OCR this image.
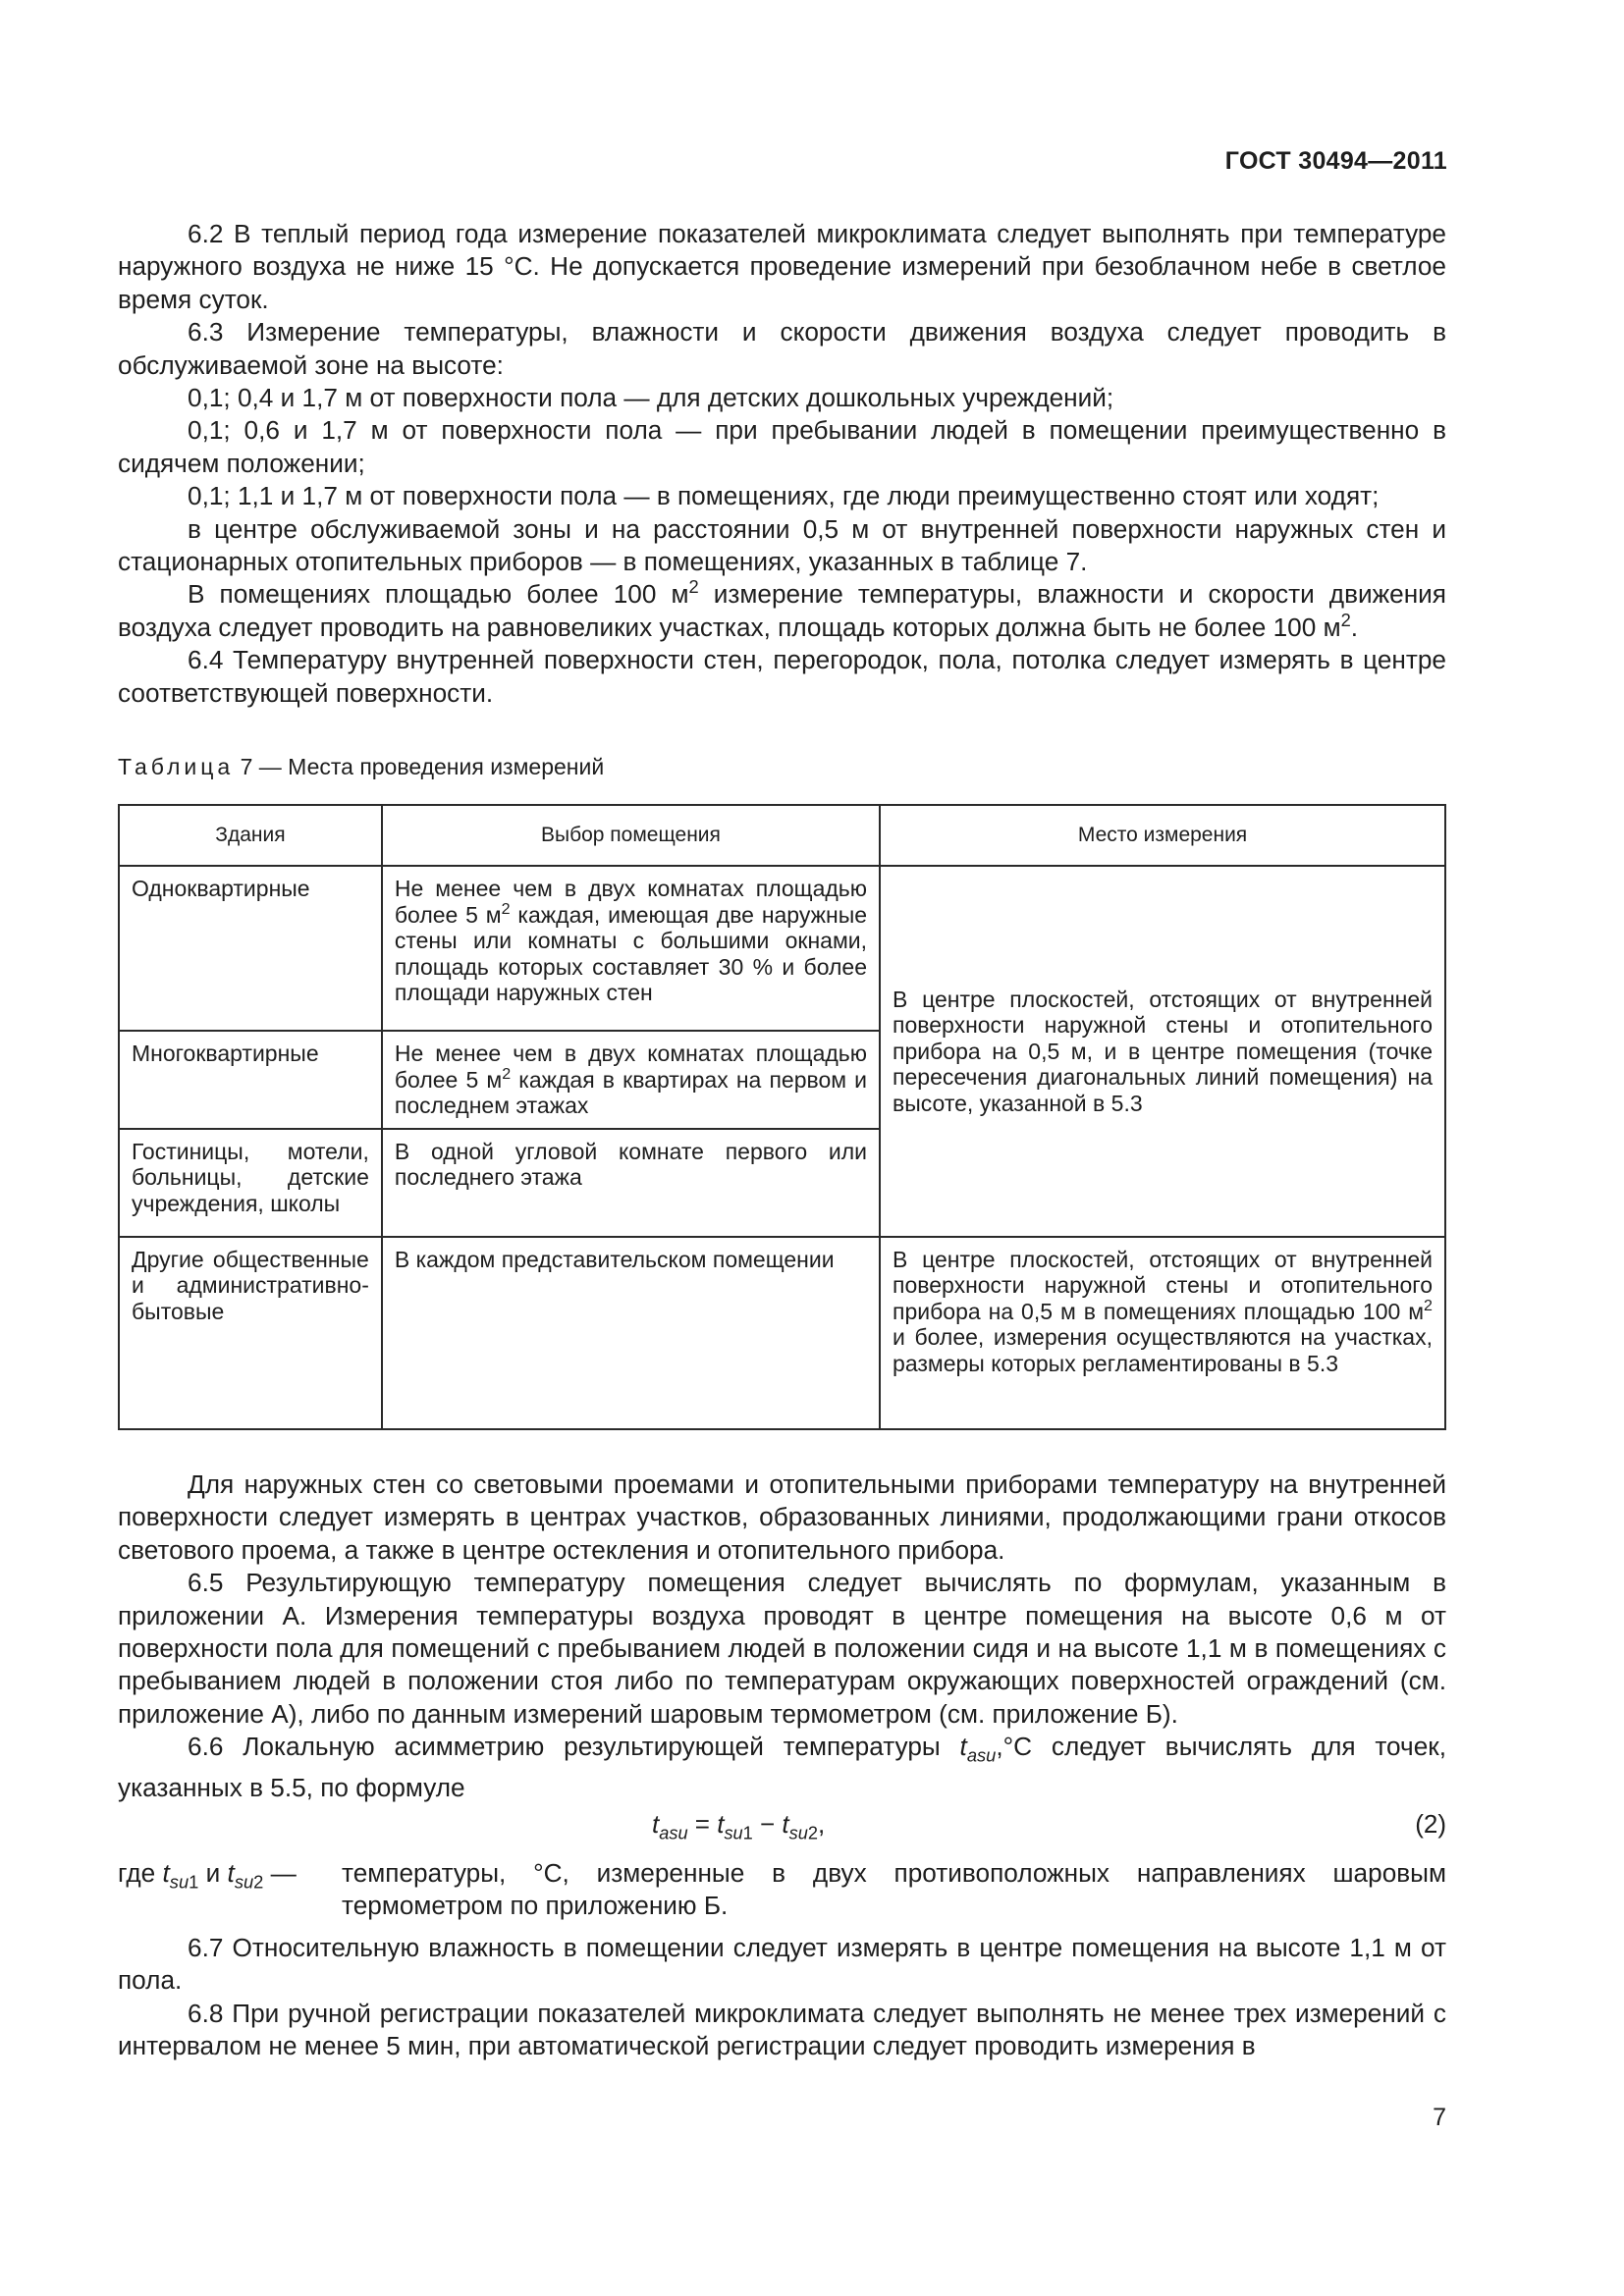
ГОСТ 30494—2011

6.2 В теплый период года измерение показателей микроклимата следует выполнять при температуре наружного воздуха не ниже 15 °С. Не допускается проведение измерений при безоблачном небе в светлое время суток.

6.3 Измерение температуры, влажности и скорости движения воздуха следует проводить в обслуживаемой зоне на высоте:

0,1; 0,4 и 1,7 м от поверхности пола — для детских дошкольных учреждений;

0,1; 0,6 и 1,7 м от поверхности пола — при пребывании людей в помещении преимущественно в сидячем положении;

0,1; 1,1 и 1,7 м от поверхности пола — в помещениях, где люди преимущественно стоят или ходят;

в центре обслуживаемой зоны и на расстоянии 0,5 м от внутренней поверхности наружных стен и стационарных отопительных приборов — в помещениях, указанных в таблице 7.

В помещениях площадью более 100 $м^2$ измерение температуры, влажности и скорости движения воздуха следует проводить на равновеликих участках, площадь которых должна быть не более 100 $м^2$.

6.4 Температуру внутренней поверхности стен, перегородок, пола, потолка следует измерять в центре соответствующей поверхности.

Таблица 7 — Места проведения измерений
Здания	Выбор помещения	Место измерения
Одноквартирные	Не менее чем в двух комнатах площадью более 5 $м^2$ каждая, имеющая две наружные стены или комнаты с большими окнами, площадь которых составляет 30 % и более площади наружных стен	В центре плоскостей, отстоящих от внутренней поверхности наружной стены и отопительного прибора на 0,5 м, и в центре помещения (точке пересечения диагональных линий помещения) на высоте, указанной в 5.3
Многоквартирные	Не менее чем в двух комнатах площадью более 5 $м^2$ каждая в квартирах на первом и последнем этажах	
Гостиницы, мотели, больницы, детские учреждения, школы	В одной угловой комнате первого или последнего этажа	
Другие общественные и административно-бытовые	В каждом представительском помещении	В центре плоскостей, отстоящих от внутренней поверхности наружной стены и отопительного прибора на 0,5 м в помещениях площадью 100 $м^2$ и более, измерения осуществляются на участках, размеры которых регламентированы в 5.3

Для наружных стен со световыми проемами и отопительными приборами температуру на внутренней поверхности следует измерять в центрах участков, образованных линиями, продолжающими грани откосов светового проема, а также в центре остекления и отопительного прибора.

6.5 Результирующую температуру помещения следует вычислять по формулам, указанным в приложении А. Измерения температуры воздуха проводят в центре помещения на высоте 0,6 м от поверхности пола для помещений с пребыванием людей в положении сидя и на высоте 1,1 м в помещениях с пребыванием людей в положении стоя либо по температурам окружающих поверхностей ограждений (см. приложение А), либо по данным измерений шаровым термометром (см. приложение Б).

6.6 Локальную асимметрию результирующей температуры $t_{asu},^\circ С$ следует вычислять для точек, указанных в 5.5, по формуле

$t_{asu} = t_{su1} - t_{su2}$,	(2)
где $t_{su1}$ и $t_{su2}$ — температуры, °С, измеренные в двух противоположных направлениях шаровым термометром по приложению Б.

6.7 Относительную влажность в помещении следует измерять в центре помещения на высоте 1,1 м от пола.

6.8 При ручной регистрации показателей микроклимата следует выполнять не менее трех измерений с интервалом не менее 5 мин, при автоматической регистрации следует проводить измерения в

7
